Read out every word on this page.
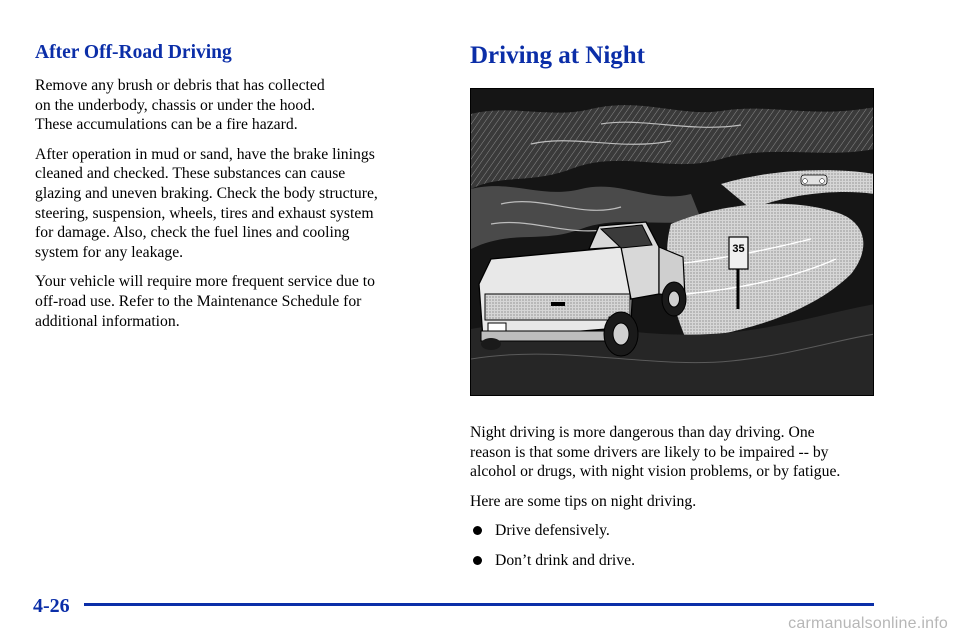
After Off-Road Driving

Remove any brush or debris that has collected
on the underbody, chassis or under the hood.
These accumulations can be a fire hazard.

After operation in mud or sand, have the brake linings
cleaned and checked. These substances can cause
glazing and uneven braking. Check the body structure,
steering, suspension, wheels, tires and exhaust system
for damage. Also, check the fuel lines and cooling
system for any leakage.

Your vehicle will require more frequent service due to
off-road use. Refer to the Maintenance Schedule for
additional information.

Driving at Night
35

Night driving is more dangerous than day driving. One
reason is that some drivers are likely to be impaired -- by
alcohol or drugs, with night vision problems, or by fatigue.

Here are some tips on night driving.

Drive defensively.
Don’t drink and drive.
4-26
carmanualsonline.info
